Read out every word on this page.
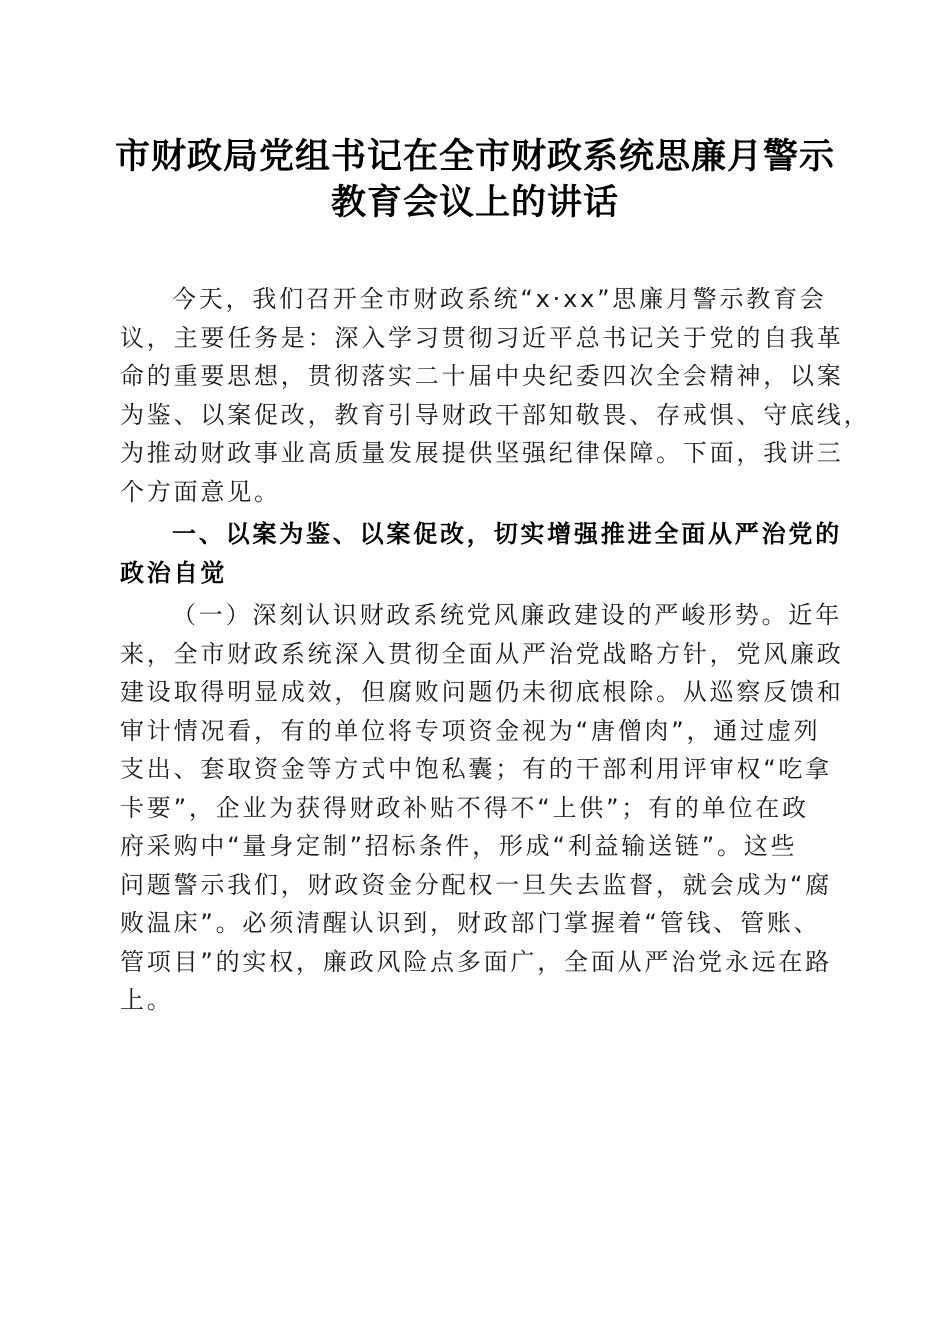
市财政局党组书记在全市财政系统思廉月警示
教育会议上的讲话
今天，我们召开全市财政系统“x·xx”思廉月警示教育会
议，主要任务是：深入学习贯彻习近平总书记关于党的自我革
命的重要思想，贯彻落实二十届中央纪委四次全会精神，以案
为鉴、以案促改，教育引导财政干部知敬畏、存戒惧、守底线，
为推动财政事业高质量发展提供坚强纪律保障。下面，我讲三
个方面意见。
一、以案为鉴、以案促改，切实增强推进全面从严治党的
政治自觉
（一）深刻认识财政系统党风廉政建设的严峻形势。近年
来，全市财政系统深入贯彻全面从严治党战略方针，党风廉政
建设取得明显成效，但腐败问题仍未彻底根除。从巡察反馈和
审计情况看，有的单位将专项资金视为“唐僧肉”，通过虚列
支出、套取资金等方式中饱私囊；有的干部利用评审权“吃拿
卡要”，企业为获得财政补贴不得不“上供”；有的单位在政
府采购中“量身定制”招标条件，形成“利益输送链”。这些
问题警示我们，财政资金分配权一旦失去监督，就会成为“腐
败温床”。必须清醒认识到，财政部门掌握着“管钱、管账、
管项目”的实权，廉政风险点多面广，全面从严治党永远在路
上。
